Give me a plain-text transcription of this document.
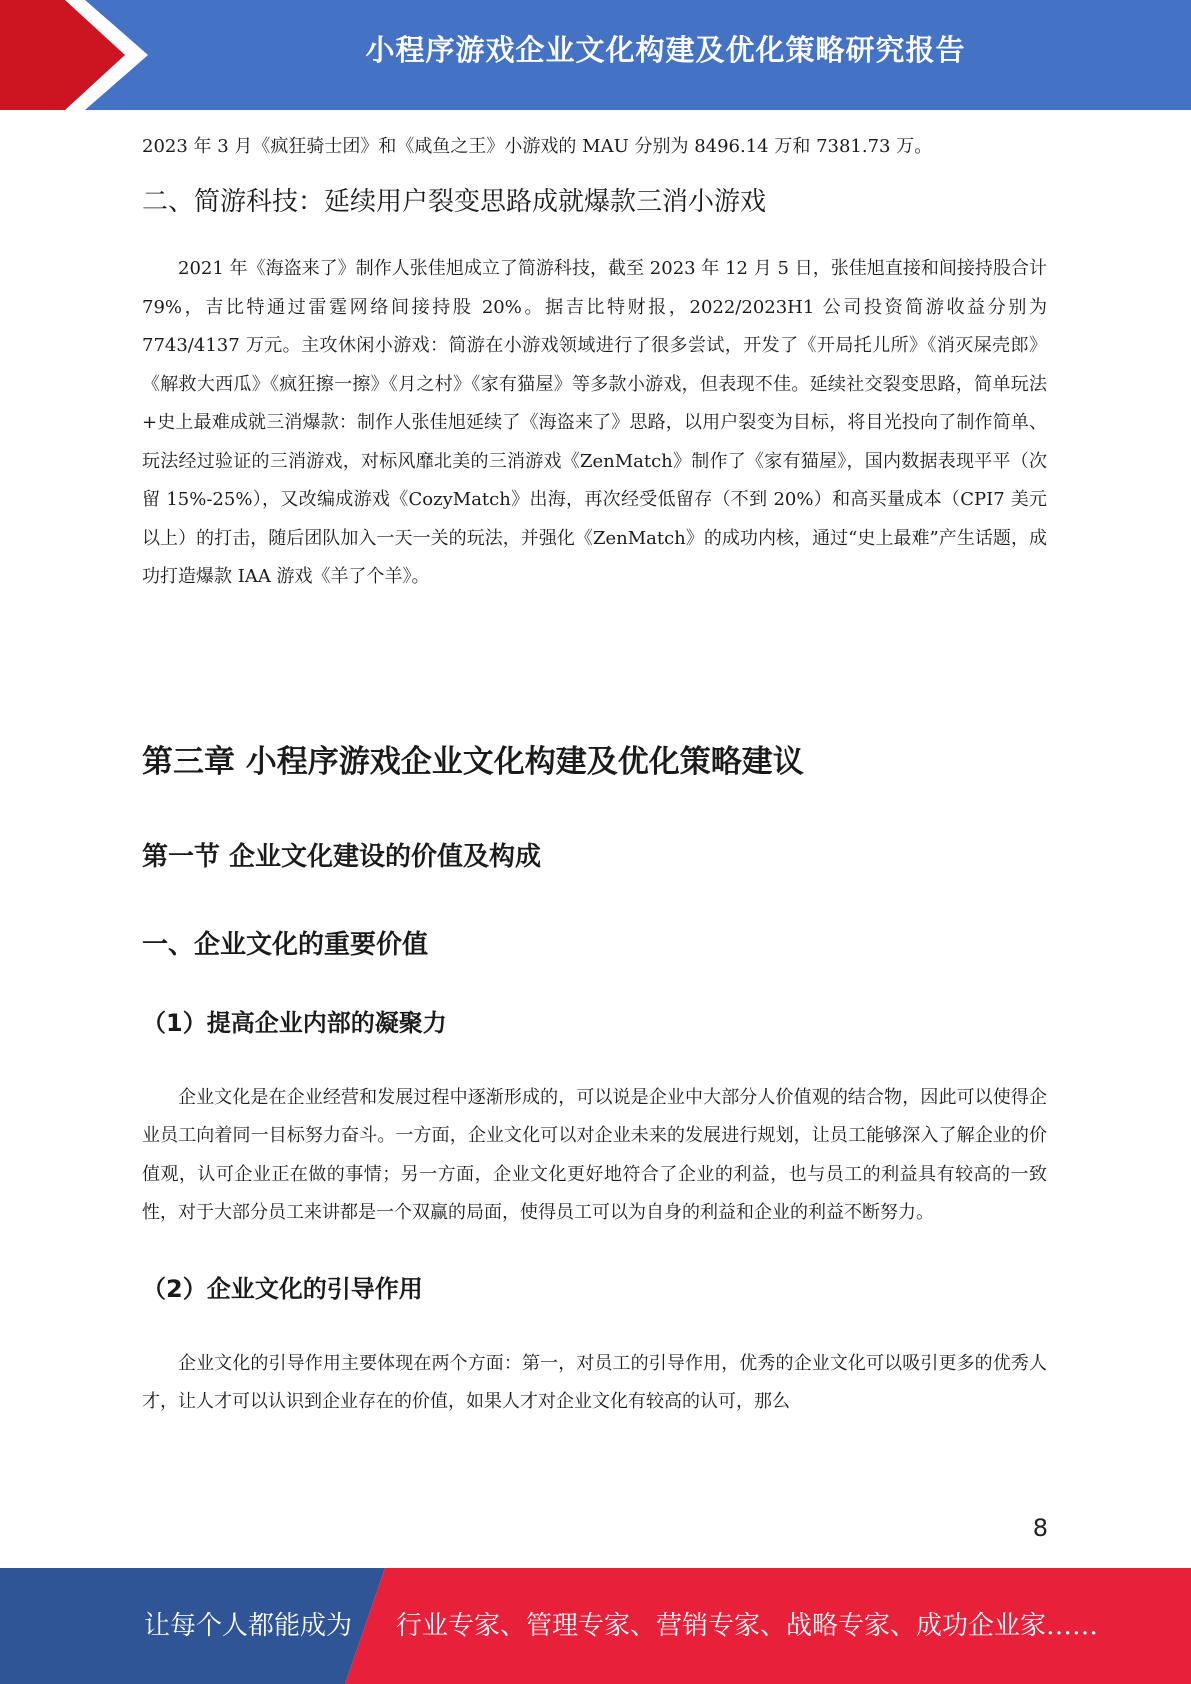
小程序游戏企业文化构建及优化策略研究报告

2023 年 3 月《疯狂骑士团》和《咸鱼之王》小游戏的 MAU 分别为 8496.14 万和 7381.73 万。

二、简游科技：延续用户裂变思路成就爆款三消小游戏

2021 年《海盗来了》制作人张佳旭成立了简游科技，截至 2023 年 12 月 5 日，张佳旭直接和间接持股合计 79%，吉比特通过雷霆网络间接持股 20%。据吉比特财报，2022/2023H1 公司投资简游收益分别为 7743/4137 万元。主攻休闲小游戏：简游在小游戏领域进行了很多尝试，开发了《开局托儿所》《消灭屎壳郎》《解救大西瓜》《疯狂擦一擦》《月之村》《家有猫屋》等多款小游戏，但表现不佳。延续社交裂变思路，简单玩法+史上最难成就三消爆款：制作人张佳旭延续了《海盗来了》思路，以用户裂变为目标，将目光投向了制作简单、玩法经过验证的三消游戏，对标风靡北美的三消游戏《ZenMatch》制作了《家有猫屋》，国内数据表现平平（次留 15%-25%），又改编成游戏《CozyMatch》出海，再次经受低留存（不到 20%）和高买量成本（CPI7 美元以上）的打击，随后团队加入一天一关的玩法，并强化《ZenMatch》的成功内核，通过“史上最难”产生话题，成功打造爆款 IAA 游戏《羊了个羊》。

第三章 小程序游戏企业文化构建及优化策略建议
第一节 企业文化建设的价值及构成
一、企业文化的重要价值
（1）提高企业内部的凝聚力

企业文化是在企业经营和发展过程中逐渐形成的，可以说是企业中大部分人价值观的结合物，因此可以使得企业员工向着同一目标努力奋斗。一方面，企业文化可以对企业未来的发展进行规划，让员工能够深入了解企业的价值观，认可企业正在做的事情；另一方面，企业文化更好地符合了企业的利益，也与员工的利益具有较高的一致性，对于大部分员工来讲都是一个双赢的局面，使得员工可以为自身的利益和企业的利益不断努力。

（2）企业文化的引导作用

企业文化的引导作用主要体现在两个方面：第一，对员工的引导作用，优秀的企业文化可以吸引更多的优秀人才，让人才可以认识到企业存在的价值，如果人才对企业文化有较高的认可，那么

8
让每个人都能成为 行业专家、管理专家、营销专家、战略专家、成功企业家……
